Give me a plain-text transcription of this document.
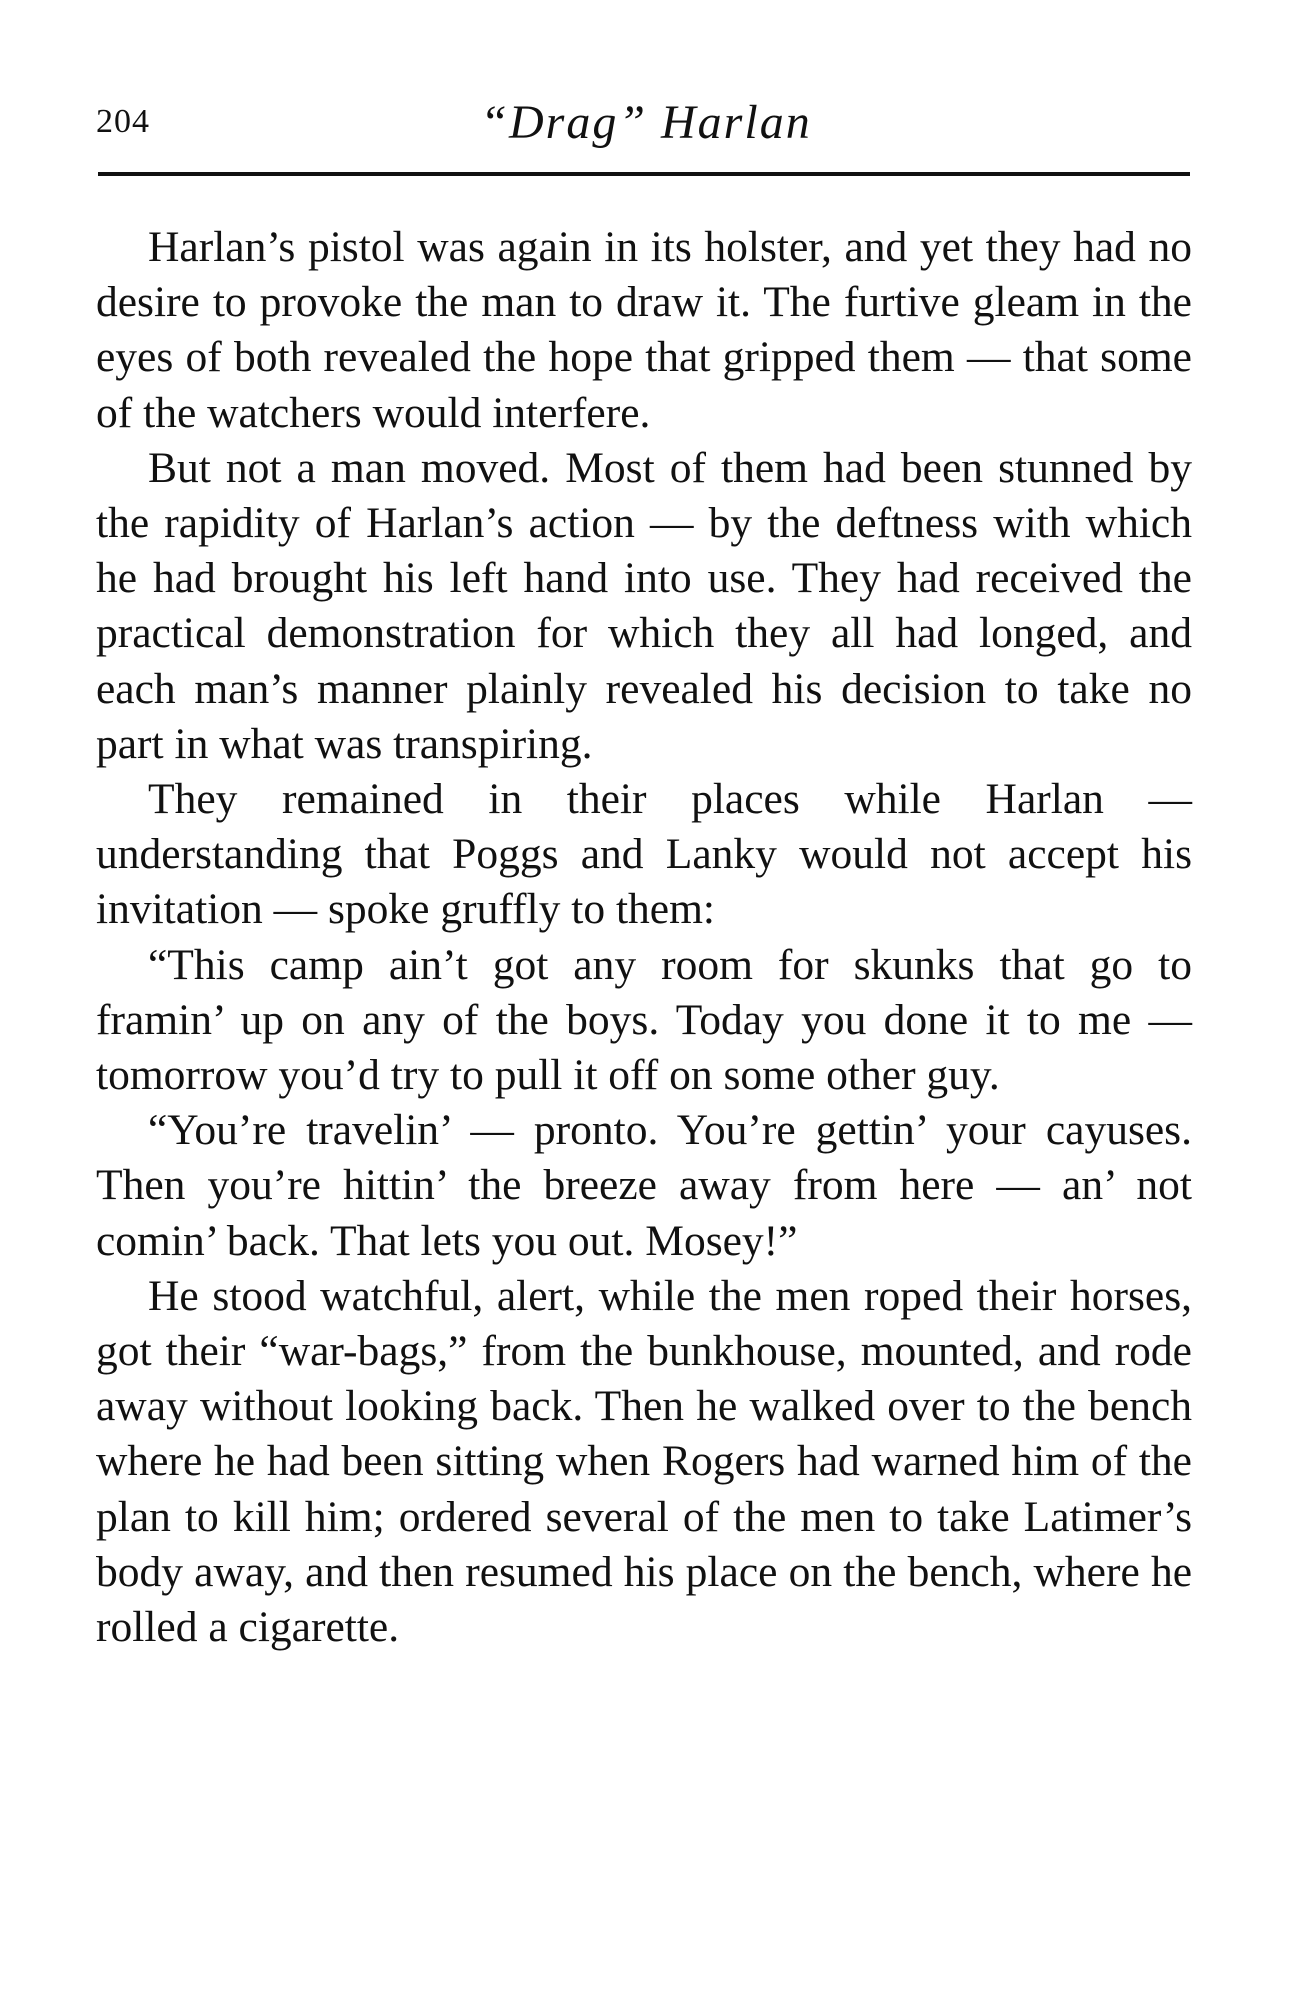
204	“Drag” Harlan

Harlan’s pistol was again in its holster, and yet they had no desire to provoke the man to draw it. The furtive gleam in the eyes of both revealed the hope that gripped them — that some of the watchers would interfere.

But not a man moved. Most of them had been stunned by the rapidity of Harlan’s action — by the deftness with which he had brought his left hand into use. They had received the practical demonstration for which they all had longed, and each man’s manner plainly revealed his decision to take no part in what was transpiring.

They remained in their places while Harlan — understanding that Poggs and Lanky would not accept his invitation — spoke gruffly to them:

“This camp ain’t got any room for skunks that go to framin’ up on any of the boys. Today you done it to me — tomorrow you’d try to pull it off on some other guy.

“You’re travelin’ — pronto. You’re gettin’ your cayuses. Then you’re hittin’ the breeze away from here — an’ not comin’ back. That lets you out. Mosey!”

He stood watchful, alert, while the men roped their horses, got their “war-bags,” from the bunkhouse, mounted, and rode away without looking back. Then he walked over to the bench where he had been sitting when Rogers had warned him of the plan to kill him; ordered several of the men to take Latimer’s body away, and then resumed his place on the bench, where he rolled a cigarette.
